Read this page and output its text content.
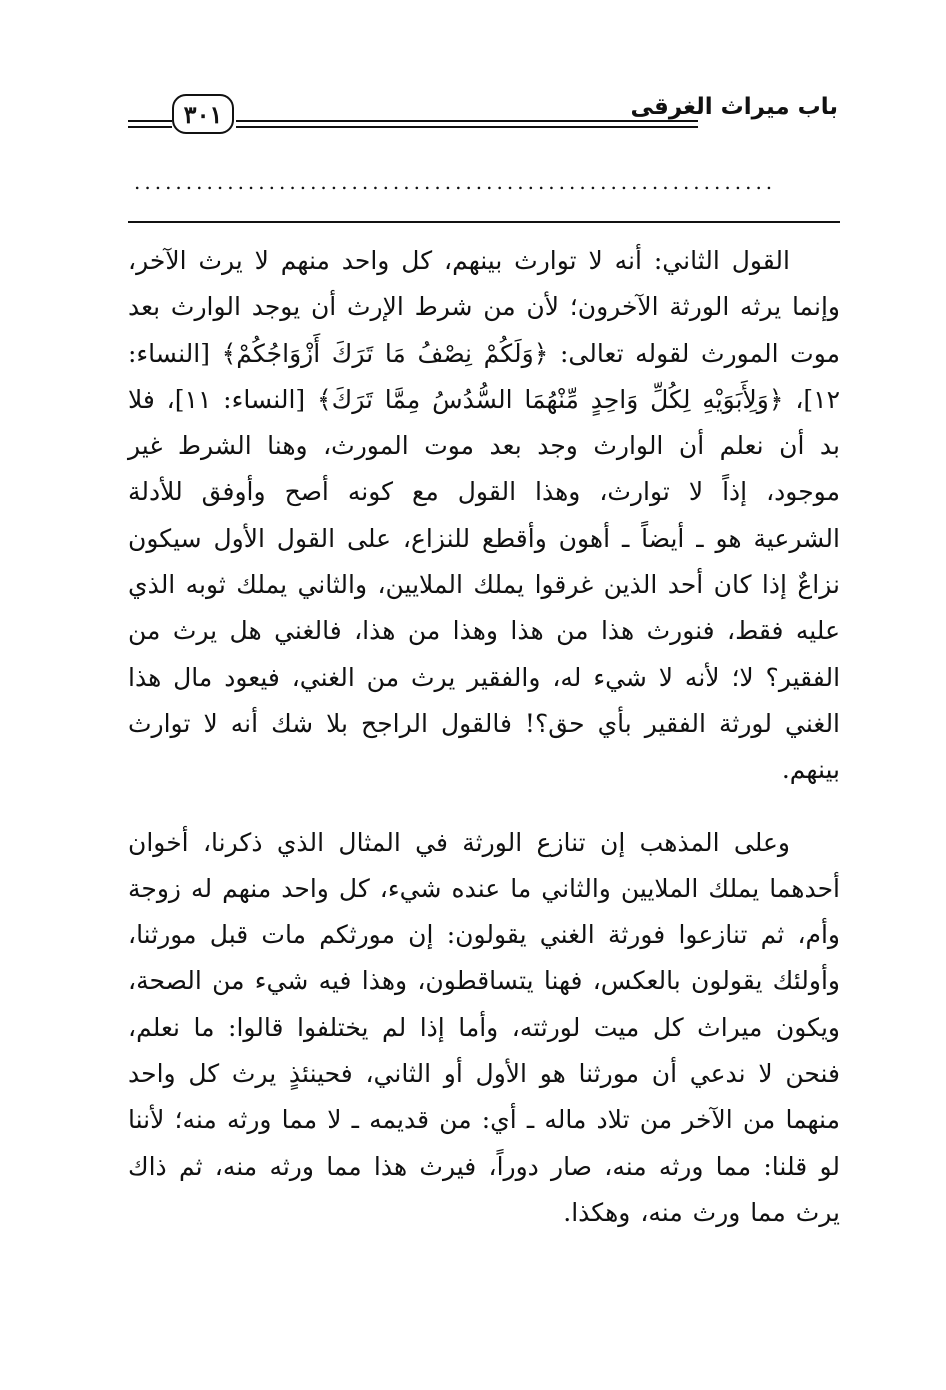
باب ميراث الغرقى
٣٠١
..............................................................

القول الثاني: أنه لا توارث بينهم، كل واحد منهم لا يرث الآخر، وإنما يرثه الورثة الآخرون؛ لأن من شرط الإرث أن يوجد الوارث بعد موت المورث لقوله تعالى: ﴿وَلَكُمْ نِصْفُ مَا تَرَكَ أَزْوَاجُكُمْ﴾ [النساء: ١٢]، ﴿وَلِأَبَوَيْهِ لِكُلِّ وَاحِدٍ مِّنْهُمَا السُّدُسُ مِمَّا تَرَكَ﴾ [النساء: ١١]، فلا بد أن نعلم أن الوارث وجد بعد موت المورث، وهنا الشرط غير موجود، إذاً لا توارث، وهذا القول مع كونه أصح وأوفق للأدلة الشرعية هو ـ أيضاً ـ أهون وأقطع للنزاع، على القول الأول سيكون نزاعٌ إذا كان أحد الذين غرقوا يملك الملايين، والثاني يملك ثوبه الذي عليه فقط، فنورث هذا من هذا وهذا من هذا، فالغني هل يرث من الفقير؟ لا؛ لأنه لا شيء له، والفقير يرث من الغني، فيعود مال هذا الغني لورثة الفقير بأي حق؟! فالقول الراجح بلا شك أنه لا توارث بينهم.

وعلى المذهب إن تنازع الورثة في المثال الذي ذكرنا، أخوان أحدهما يملك الملايين والثاني ما عنده شيء، كل واحد منهم له زوجة وأم، ثم تنازعوا فورثة الغني يقولون: إن مورثكم مات قبل مورثنا، وأولئك يقولون بالعكس، فهنا يتساقطون، وهذا فيه شيء من الصحة، ويكون ميراث كل ميت لورثته، وأما إذا لم يختلفوا قالوا: ما نعلم، فنحن لا ندعي أن مورثنا هو الأول أو الثاني، فحينئذٍ يرث كل واحد منهما من الآخر من تلاد ماله ـ أي: من قديمه ـ لا مما ورثه منه؛ لأننا لو قلنا: مما ورثه منه، صار دوراً، فيرث هذا مما ورثه منه، ثم ذاك يرث مما ورث منه، وهكذا.
